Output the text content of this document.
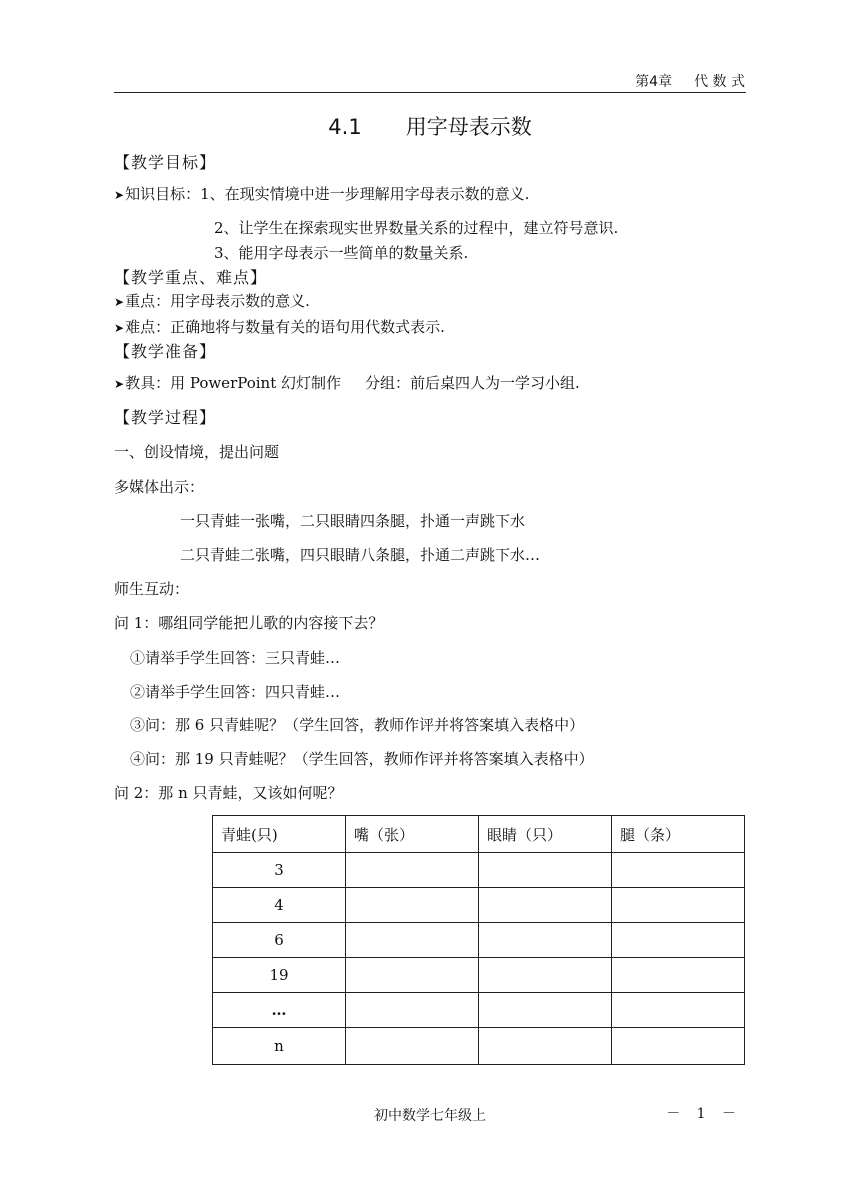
第4章 代 数 式
4.1 用字母表示数
【教学目标】
➤知识目标：1、在现实情境中进一步理解用字母表示数的意义.
2、让学生在探索现实世界数量关系的过程中，建立符号意识.
3、能用字母表示一些简单的数量关系.
【教学重点、难点】
➤重点：用字母表示数的意义.
➤难点：正确地将与数量有关的语句用代数式表示.
【教学准备】
➤教具：用 PowerPoint 幻灯制作 分组：前后桌四人为一学习小组.
【教学过程】
一、创设情境，提出问题
多媒体出示：
一只青蛙一张嘴，二只眼睛四条腿，扑通一声跳下水
二只青蛙二张嘴，四只眼睛八条腿，扑通二声跳下水…
师生互动：
问 1：哪组同学能把儿歌的内容接下去？
①请举手学生回答：三只青蛙…
②请举手学生回答：四只青蛙…
③问：那 6 只青蛙呢？（学生回答，教师作评并将答案填入表格中）
④问：那 19 只青蛙呢？（学生回答，教师作评并将答案填入表格中）
问 2：那 n 只青蛙，又该如何呢？
青蛙(只)	嘴（张）	眼睛（只）	腿（条）
3			
4			
6			
19			
…			
n			
初中数学七年级上	－ 1 －
